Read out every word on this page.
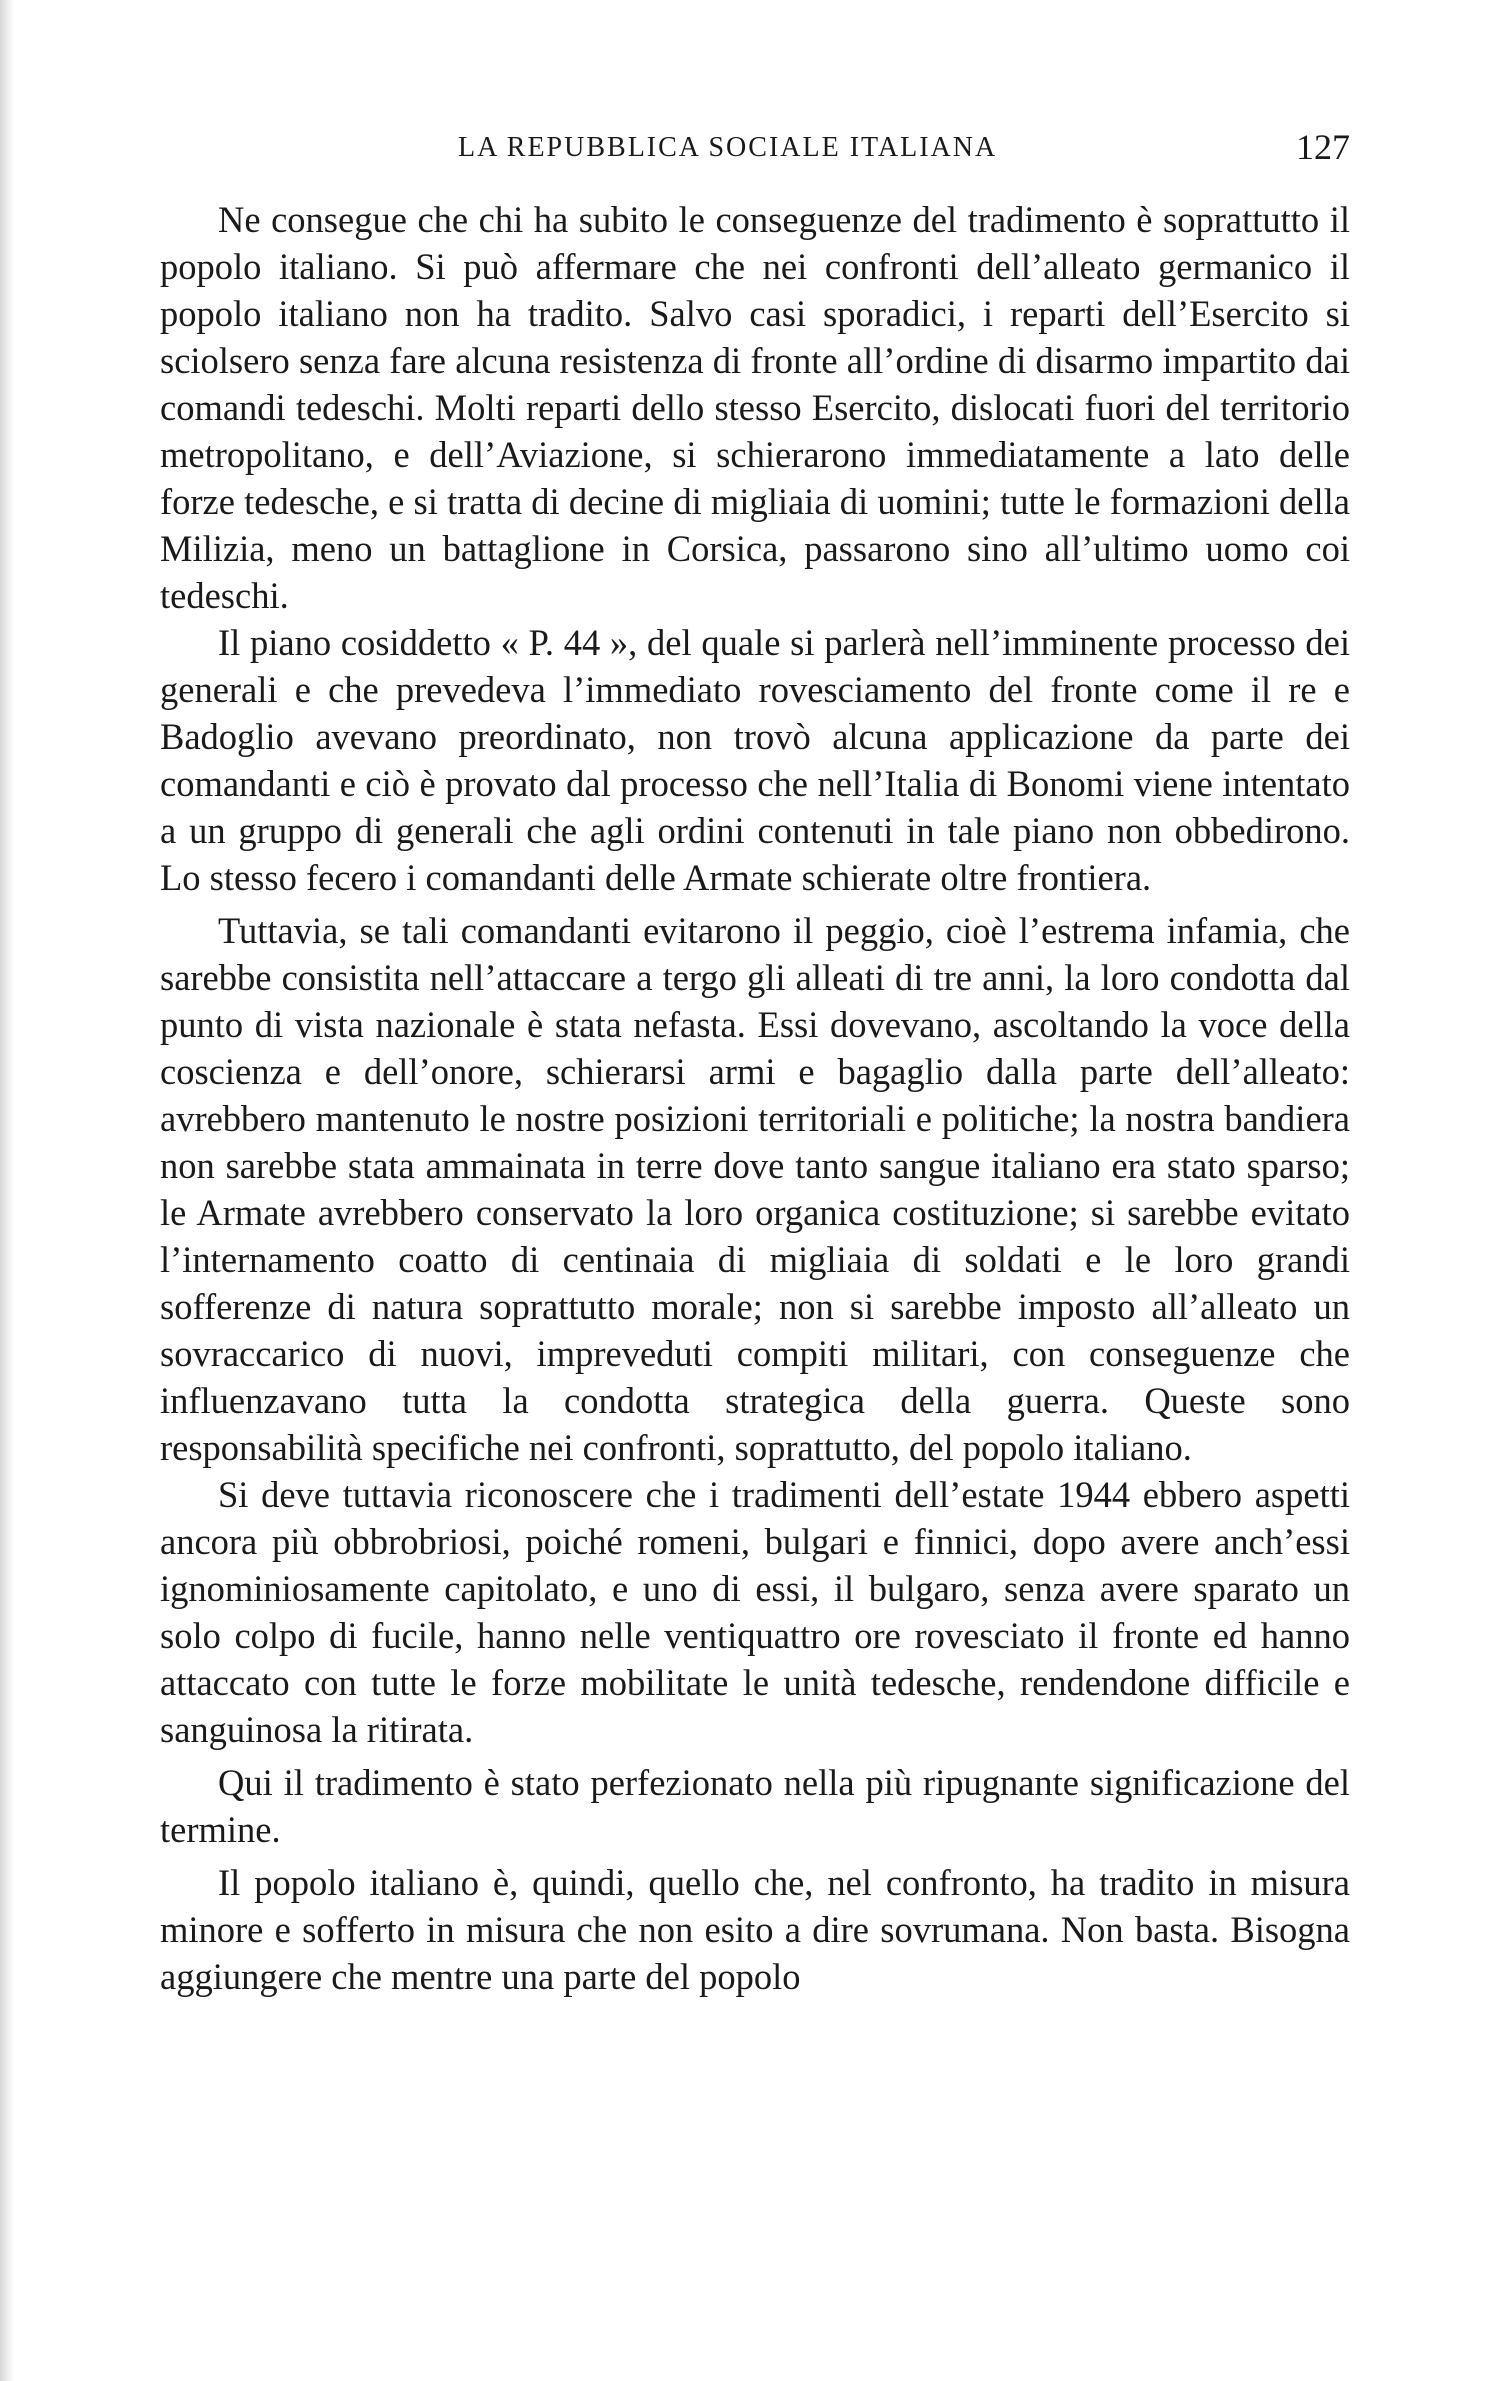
LA REPUBBLICA SOCIALE ITALIANA	127

Ne consegue che chi ha subito le conseguenze del tradimento è soprattutto il popolo italiano. Si può affermare che nei confronti dell’alleato germanico il popolo italiano non ha tradito. Salvo casi sporadici, i reparti dell’Esercito si sciolsero senza fare alcuna resistenza di fronte all’ordine di disarmo impartito dai comandi tedeschi. Molti reparti dello stesso Esercito, dislocati fuori del territorio metropolitano, e dell’Aviazione, si schierarono immediatamente a lato delle forze tedesche, e si tratta di decine di migliaia di uomini; tutte le formazioni della Milizia, meno un battaglione in Corsica, passarono sino all’ultimo uomo coi tedeschi.

Il piano cosiddetto « P. 44 », del quale si parlerà nell’imminente processo dei generali e che prevedeva l’immediato rovesciamento del fronte come il re e Badoglio avevano preordinato, non trovò alcuna applicazione da parte dei comandanti e ciò è provato dal processo che nell’Italia di Bonomi viene intentato a un gruppo di generali che agli ordini contenuti in tale piano non obbedirono. Lo stesso fecero i comandanti delle Armate schierate oltre frontiera.

Tuttavia, se tali comandanti evitarono il peggio, cioè l’estrema infamia, che sarebbe consistita nell’attaccare a tergo gli alleati di tre anni, la loro condotta dal punto di vista nazionale è stata nefasta. Essi dovevano, ascoltando la voce della coscienza e dell’onore, schierarsi armi e bagaglio dalla parte dell’alleato: avrebbero mantenuto le nostre posizioni territoriali e politiche; la nostra bandiera non sarebbe stata ammainata in terre dove tanto sangue italiano era stato sparso; le Armate avrebbero conservato la loro organica costituzione; si sarebbe evitato l’internamento coatto di centinaia di migliaia di soldati e le loro grandi sofferenze di natura soprattutto morale; non si sarebbe imposto all’alleato un sovraccarico di nuovi, impreveduti compiti militari, con conseguenze che influenzavano tutta la condotta strategica della guerra. Queste sono responsabilità specifiche nei confronti, soprattutto, del popolo italiano.

Si deve tuttavia riconoscere che i tradimenti dell’estate 1944 ebbero aspetti ancora più obbrobriosi, poiché romeni, bulgari e finnici, dopo avere anch’essi ignominiosamente capitolato, e uno di essi, il bulgaro, senza avere sparato un solo colpo di fucile, hanno nelle ventiquattro ore rovesciato il fronte ed hanno attaccato con tutte le forze mobilitate le unità tedesche, rendendone difficile e sanguinosa la ritirata.

Qui il tradimento è stato perfezionato nella più ripugnante significazione del termine.

Il popolo italiano è, quindi, quello che, nel confronto, ha tradito in misura minore e sofferto in misura che non esito a dire sovrumana. Non basta. Bisogna aggiungere che mentre una parte del popolo
